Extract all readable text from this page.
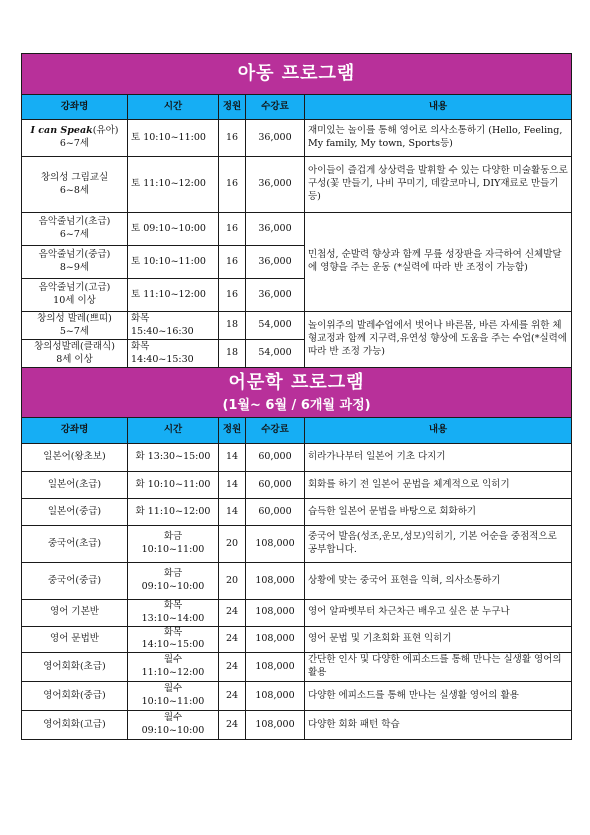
아동 프로그램				

강좌명	시간	정원	수강료	내용
I can Speak(유아)
6~7세	토 10:10~11:00	16	36,000	재미있는 놀이를 통해 영어로 의사소통하기 (Hello, Feeling, My family, My town, Sports등)
창의성 그림교실
6~8세	토 11:10~12:00	16	36,000	아이들이 즐겁게 상상력을 발휘할 수 있는 다양한 미술활동으로 구성(꽃 만들기, 나비 꾸미기, 데칼코마니, DIY재료로 만들기 등)
음악줄넘기(초급)
6~7세	토 09:10~10:00	16	36,000	민첩성, 순발력 향상과 함께 무릎 성장판을 자극하여 신체발달에 영향을 주는 운동 (*실력에 따라 반 조정이 가능함)
음악줄넘기(중급)
8~9세	토 10:10~11:00	16	36,000	
음악줄넘기(고급)
10세 이상	토 11:10~12:00	16	36,000	
창의성 발레(쁘띠)
5~7세	화목 15:40~16:30	18	54,000	놀이위주의 발레수업에서 벗어나 바른몸, 바른 자세를 위한 체형교정과 함께 지구력,유연성 향상에 도움을 주는 수업(*실력에 따라 반 조정 가능)
창의성발레(클래식)
8세 이상	화목 14:40~15:30	18	54,000	
어문학 프로그램
(1월~ 6월 / 6개월 과정)				

강좌명	시간	정원	수강료	내용
일본어(왕초보)	화 13:30~15:00	14	60,000	히라가나부터 일본어 기초 다지기
일본어(초급)	화 10:10~11:00	14	60,000	회화를 하기 전 일본어 문법을 체계적으로 익히기
일본어(중급)	화 11:10~12:00	14	60,000	습득한 일본어 문법을 바탕으로 회화하기
중국어(초급)	화금 10:10~11:00	20	108,000	중국어 발음(성조,운모,성모)익히기, 기본 어순을 중점적으로 공부합니다.
중국어(중급)	화금 09:10~10:00	20	108,000	상황에 맞는 중국어 표현을 익혀, 의사소통하기
영어 기본반	화목 13:10~14:00	24	108,000	영어 알파벳부터 차근차근 배우고 싶은 분 누구나
영어 문법반	화목 14:10~15:00	24	108,000	영어 문법 및 기초회화 표현 익히기
영어회화(초급)	월수 11:10~12:00	24	108,000	간단한 인사 및 다양한 에피소드를 통해 만나는 실생활 영어의 활용
영어회화(중급)	월수 10:10~11:00	24	108,000	다양한 에피소드를 통해 만나는 실생활 영어의 활용
영어회화(고급)	월수 09:10~10:00	24	108,000	다양한 회화 패턴 학습
